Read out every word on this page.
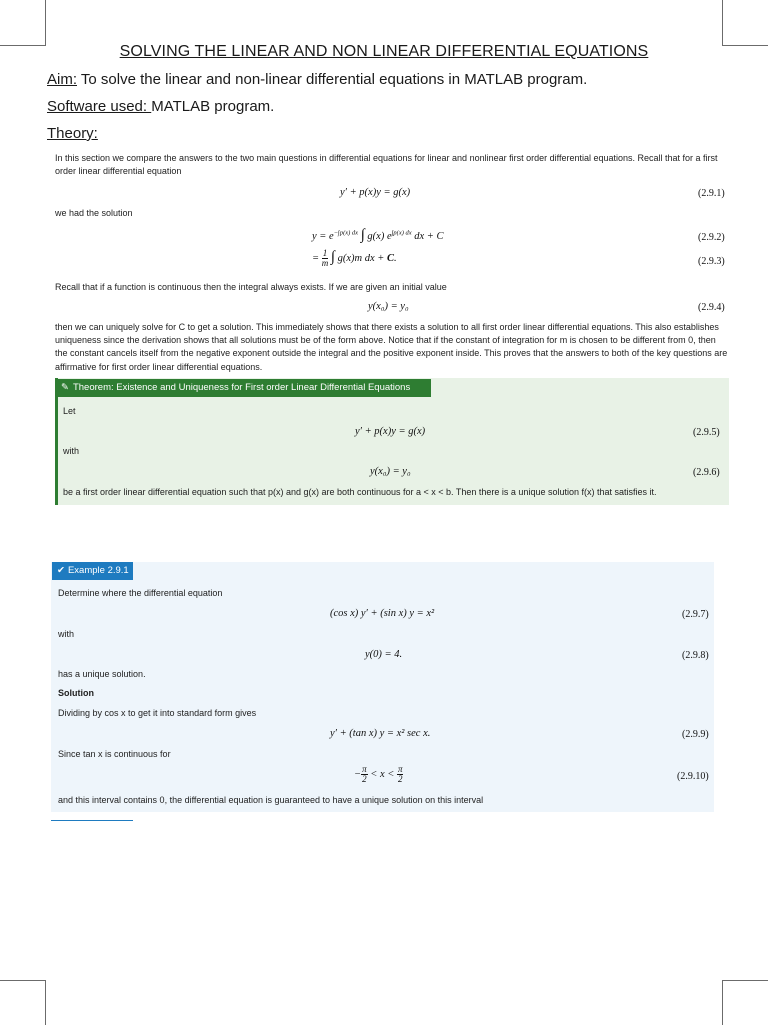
SOLVING THE LINEAR AND NON LINEAR DIFFERENTIAL EQUATIONS
Aim: To solve the linear and non-linear differential equations in MATLAB program.
Software used: MATLAB program.
Theory:
In this section we compare the answers to the two main questions in differential equations for linear and nonlinear first order differential equations. Recall that for a first order linear differential equation
y′ + p(x)y = g(x)	(2.9.1)
we had the solution
$y = e^{-\int p(x) dx}$ ∫ g(x) $e^{\int p(x) dx}$ dx + C	(2.9.2)
= $\frac{1}{m}$ ∫ g(x)m dx + C.	(2.9.3)
Recall that if a function is continuous then the integral always exists. If we are given an initial value
y(x₀) = y₀	(2.9.4)
then we can uniquely solve for C to get a solution. This immediately shows that there exists a solution to all first order linear differential equations. This also establishes uniqueness since the derivation shows that all solutions must be of the form above. Notice that if the constant of integration for m is chosen to be different from 0, then the constant cancels itself from the negative exponent outside the integral and the positive exponent inside. This proves that the answers to both of the key questions are affirmative for first order linear differential equations.
✎ Theorem: Existence and Uniqueness for First order Linear Differential Equations
Let
y′ + p(x)y = g(x)	(2.9.5)
with
y(x₀) = y₀	(2.9.6)
be a first order linear differential equation such that p(x) and g(x) are both continuous for a < x < b. Then there is a unique solution f(x) that satisfies it.
✔ Example 2.9.1
Determine where the differential equation
(cos x) y′ + (sin x) y = x²	(2.9.7)
with
y(0) = 4.	(2.9.8)
has a unique solution.
Solution
Dividing by cos x to get it into standard form gives
y′ + (tan x) y = x² sec x.	(2.9.9)
Since tan x is continuous for
− $\frac{\pi}{2} < x < \frac{\pi}{2}$	(2.9.10)
and this interval contains 0, the differential equation is guaranteed to have a unique solution on this interval
